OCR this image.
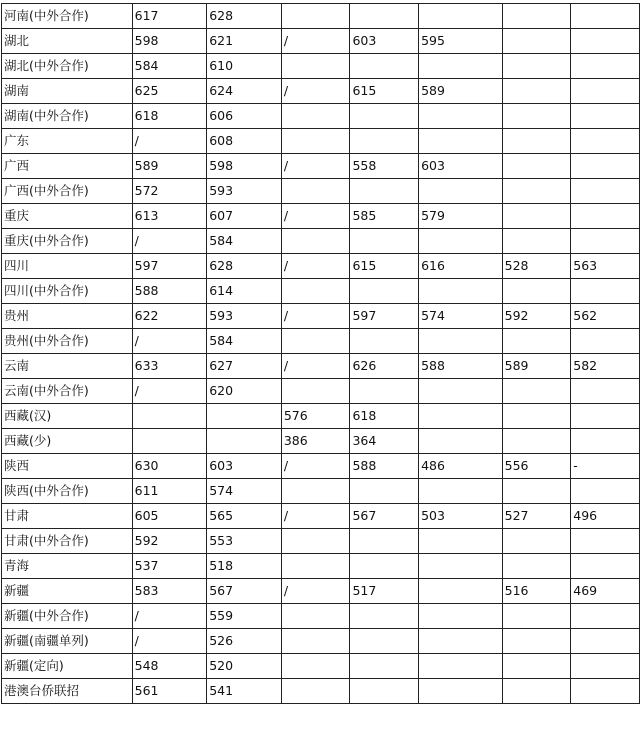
河南(中外合作)	617	628					
湖北	598	621	/	603	595		
湖北(中外合作)	584	610					
湖南	625	624	/	615	589		
湖南(中外合作)	618	606					
广东	/	608					
广西	589	598	/	558	603		
广西(中外合作)	572	593					
重庆	613	607	/	585	579		
重庆(中外合作)	/	584					
四川	597	628	/	615	616	528	563
四川(中外合作)	588	614					
贵州	622	593	/	597	574	592	562
贵州(中外合作)	/	584					
云南	633	627	/	626	588	589	582
云南(中外合作)	/	620					
西藏(汉)			576	618			
西藏(少)			386	364			
陕西	630	603	/	588	486	556	-
陕西(中外合作)	611	574					
甘肃	605	565	/	567	503	527	496
甘肃(中外合作)	592	553					
青海	537	518					
新疆	583	567	/	517		516	469
新疆(中外合作)	/	559					
新疆(南疆单列)	/	526					
新疆(定向)	548	520					
港澳台侨联招	561	541					
